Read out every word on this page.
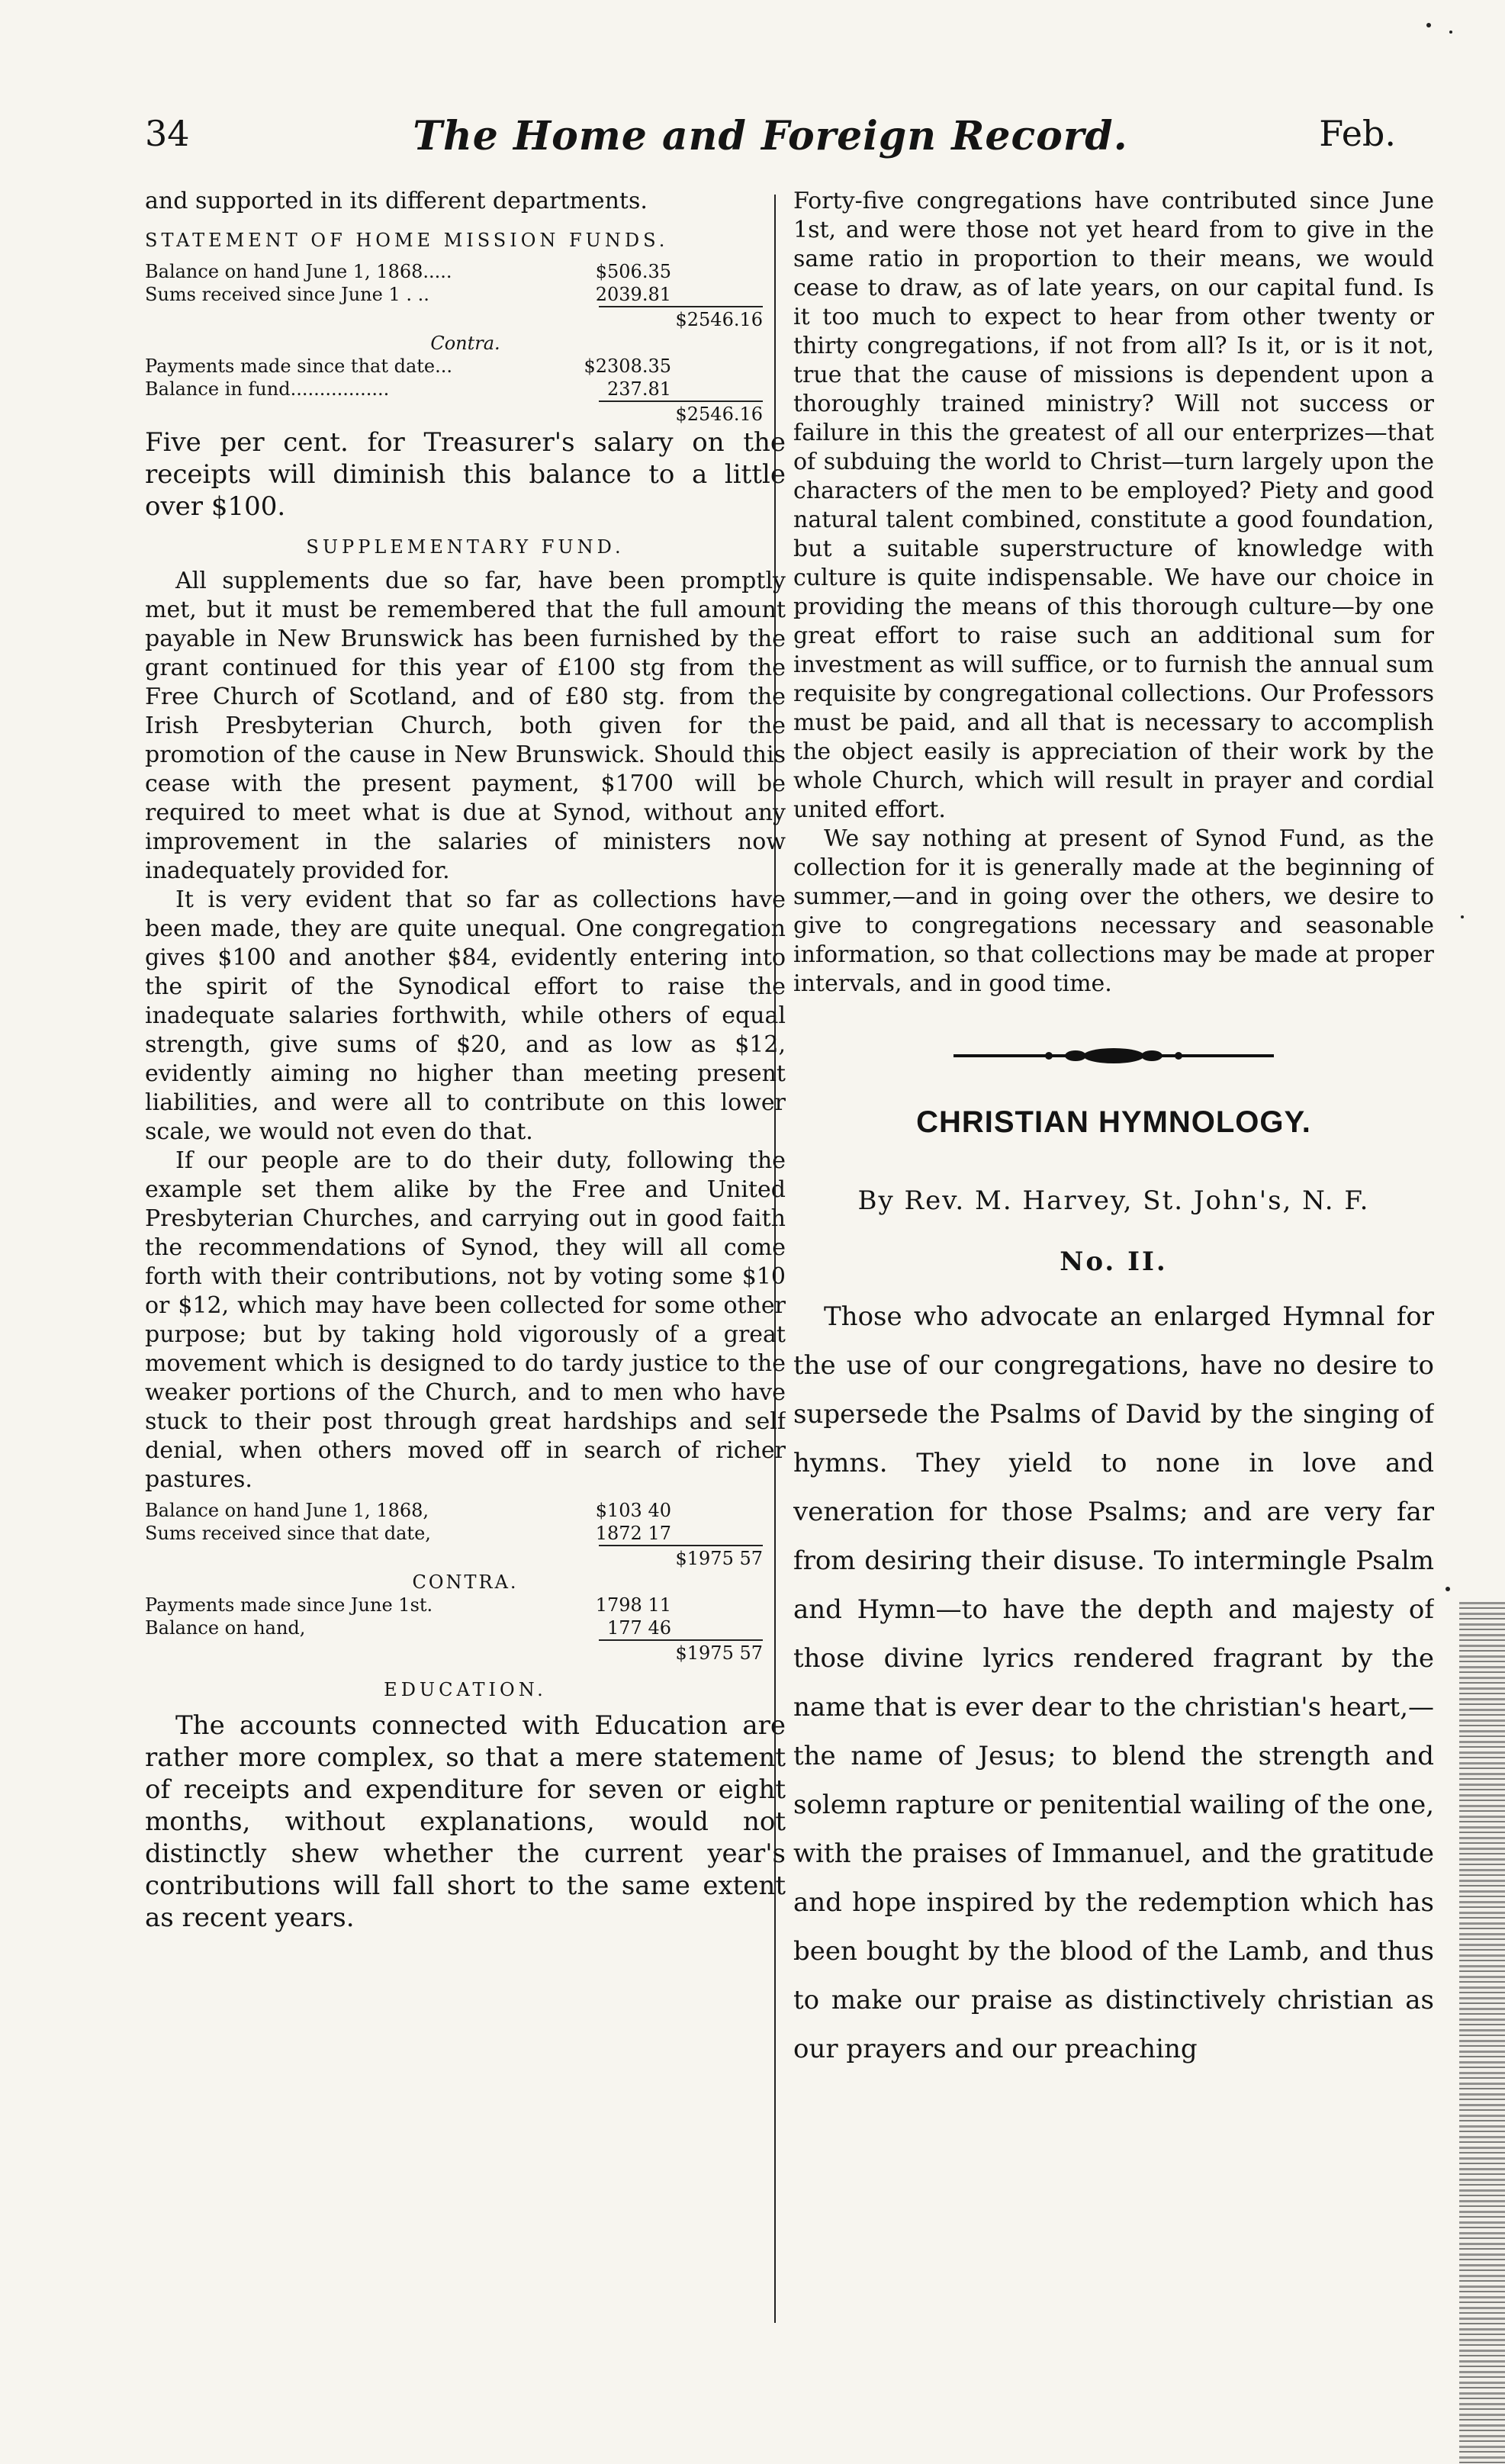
34	The Home and Foreign Record.	Feb.

and supported in its different departments.

STATEMENT OF HOME MISSION FUNDS.
Balance on hand June 1, 1868.....	$506.35
Sums received since June 1 . ..	2039.81
$2546.16
Contra.
Payments made since that date...	$2308.35
Balance in fund.................	237.81
$2546.16

Five per cent. for Treasurer's salary on the receipts will diminish this balance to a little over $100.

SUPPLEMENTARY FUND.

All supplements due so far, have been promptly met, but it must be remembered that the full amount payable in New Brunswick has been furnished by the grant continued for this year of £100 stg from the Free Church of Scotland, and of £80 stg. from the Irish Presbyterian Church, both given for the promotion of the cause in New Brunswick. Should this cease with the present payment, $1700 will be required to meet what is due at Synod, without any improvement in the salaries of ministers now inadequately provided for.

It is very evident that so far as collections have been made, they are quite unequal. One congregation gives $100 and another $84, evidently entering into the spirit of the Synodical effort to raise the inadequate salaries forthwith, while others of equal strength, give sums of $20, and as low as $12, evidently aiming no higher than meeting present liabilities, and were all to contribute on this lower scale, we would not even do that.

If our people are to do their duty, following the example set them alike by the Free and United Presbyterian Churches, and carrying out in good faith the recommendations of Synod, they will all come forth with their contributions, not by voting some $10 or $12, which may have been collected for some other purpose; but by taking hold vigorously of a great movement which is designed to do tardy justice to the weaker portions of the Church, and to men who have stuck to their post through great hardships and self denial, when others moved off in search of richer pastures.

Balance on hand June 1, 1868,	$103 40
Sums received since that date,	1872 17
$1975 57
CONTRA.
Payments made since June 1st.	1798 11
Balance on hand,	177 46
$1975 57
EDUCATION.

The accounts connected with Education are rather more complex, so that a mere statement of receipts and expenditure for seven or eight months, without explanations, would not distinctly shew whether the current year's contributions will fall short to the same extent as recent years.

Forty-five congregations have contributed since June 1st, and were those not yet heard from to give in the same ratio in proportion to their means, we would cease to draw, as of late years, on our capital fund. Is it too much to expect to hear from other twenty or thirty congregations, if not from all? Is it, or is it not, true that the cause of missions is dependent upon a thoroughly trained ministry? Will not success or failure in this the greatest of all our enterprizes—that of subduing the world to Christ—turn largely upon the characters of the men to be employed? Piety and good natural talent combined, constitute a good foundation, but a suitable superstructure of knowledge with culture is quite indispensable. We have our choice in providing the means of this thorough culture—by one great effort to raise such an additional sum for investment as will suffice, or to furnish the annual sum requisite by congregational collections. Our Professors must be paid, and all that is necessary to accomplish the object easily is appreciation of their work by the whole Church, which will result in prayer and cordial united effort.

We say nothing at present of Synod Fund, as the collection for it is generally made at the beginning of summer,—and in going over the others, we desire to give to congregations necessary and seasonable information, so that collections may be made at proper intervals, and in good time.

CHRISTIAN HYMNOLOGY.
By Rev. M. Harvey, St. John's, N. F.
No. II.

Those who advocate an enlarged Hymnal for the use of our congregations, have no desire to supersede the Psalms of David by the singing of hymns. They yield to none in love and veneration for those Psalms; and are very far from desiring their disuse. To intermingle Psalm and Hymn—to have the depth and majesty of those divine lyrics rendered fragrant by the name that is ever dear to the christian's heart,—the name of Jesus; to blend the strength and solemn rapture or penitential wailing of the one, with the praises of Immanuel, and the gratitude and hope inspired by the redemption which has been bought by the blood of the Lamb, and thus to make our praise as distinctively christian as our prayers and our preaching
